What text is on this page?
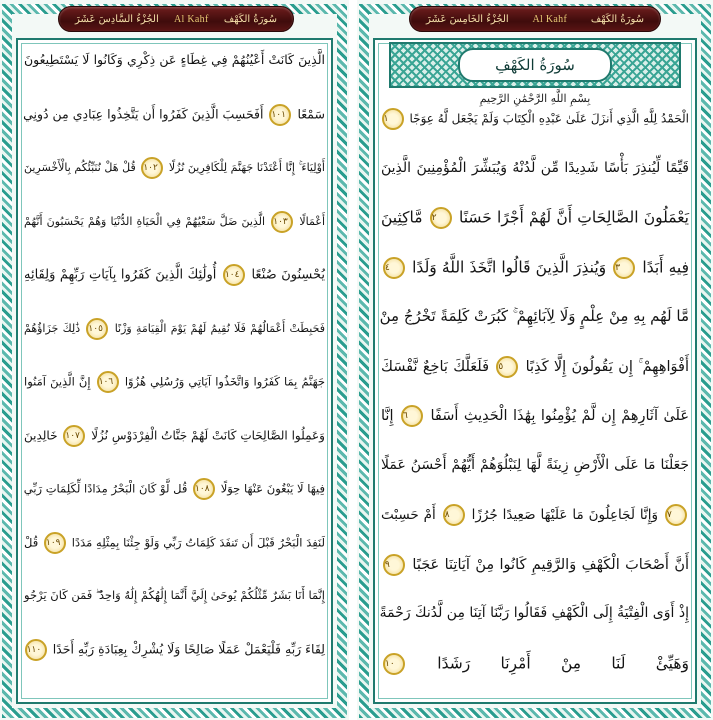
الجُزْءُ السَّادِسَ عَشَرَ Al Kahf سُورَةُ الكَهْف
الَّذِينَ كَانَتْ أَعْيُنُهُمْ فِي غِطَاءٍ عَن ذِكْرِي وَكَانُوا لَا يَسْتَطِيعُونَ
سَمْعًا ١٠١ أَفَحَسِبَ الَّذِينَ كَفَرُوا أَن يَتَّخِذُوا عِبَادِي مِن دُونِي
أَوْلِيَاءَ ۚ إِنَّا أَعْتَدْنَا جَهَنَّمَ لِلْكَافِرِينَ نُزُلًا ١٠٢ قُلْ هَلْ نُنَبِّئُكُم بِالْأَخْسَرِينَ
أَعْمَالًا ١٠٣ الَّذِينَ ضَلَّ سَعْيُهُمْ فِي الْحَيَاةِ الدُّنْيَا وَهُمْ يَحْسَبُونَ أَنَّهُمْ
يُحْسِنُونَ صُنْعًا ١٠٤ أُولَٰئِكَ الَّذِينَ كَفَرُوا بِآيَاتِ رَبِّهِمْ وَلِقَائِهِ
فَحَبِطَتْ أَعْمَالُهُمْ فَلَا نُقِيمُ لَهُمْ يَوْمَ الْقِيَامَةِ وَزْنًا ١٠٥ ذَٰلِكَ جَزَاؤُهُمْ
جَهَنَّمُ بِمَا كَفَرُوا وَاتَّخَذُوا آيَاتِي وَرُسُلِي هُزُوًا ١٠٦ إِنَّ الَّذِينَ آمَنُوا
وَعَمِلُوا الصَّالِحَاتِ كَانَتْ لَهُمْ جَنَّاتُ الْفِرْدَوْسِ نُزُلًا ١٠٧ خَالِدِينَ
فِيهَا لَا يَبْغُونَ عَنْهَا حِوَلًا ١٠٨ قُل لَّوْ كَانَ الْبَحْرُ مِدَادًا لِّكَلِمَاتِ رَبِّي
لَنَفِدَ الْبَحْرُ قَبْلَ أَن تَنفَدَ كَلِمَاتُ رَبِّي وَلَوْ جِئْنَا بِمِثْلِهِ مَدَدًا ١٠٩ قُلْ
إِنَّمَا أَنَا بَشَرٌ مِّثْلُكُمْ يُوحَىٰ إِلَيَّ أَنَّمَا إِلَٰهُكُمْ إِلَٰهٌ وَاحِدٌ ۖ فَمَن كَانَ يَرْجُو
لِقَاءَ رَبِّهِ فَلْيَعْمَلْ عَمَلًا صَالِحًا وَلَا يُشْرِكْ بِعِبَادَةِ رَبِّهِ أَحَدًا ١١٠
الجُزْءُ الخَامِسَ عَشَرَ Al Kahf سُورَةُ الكَهْف
سُورَةُ الكَهْفِ
بِسْمِ اللَّهِ الرَّحْمَٰنِ الرَّحِيمِ
الْحَمْدُ لِلَّهِ الَّذِي أَنزَلَ عَلَىٰ عَبْدِهِ الْكِتَابَ وَلَمْ يَجْعَل لَّهُ عِوَجًا ١
قَيِّمًا لِّيُنذِرَ بَأْسًا شَدِيدًا مِّن لَّدُنْهُ وَيُبَشِّرَ الْمُؤْمِنِينَ الَّذِينَ
يَعْمَلُونَ الصَّالِحَاتِ أَنَّ لَهُمْ أَجْرًا حَسَنًا ٢ مَّاكِثِينَ
فِيهِ أَبَدًا ٣ وَيُنذِرَ الَّذِينَ قَالُوا اتَّخَذَ اللَّهُ وَلَدًا ٤
مَّا لَهُم بِهِ مِنْ عِلْمٍ وَلَا لِآبَائِهِمْ ۚ كَبُرَتْ كَلِمَةً تَخْرُجُ مِنْ
أَفْوَاهِهِمْ ۚ إِن يَقُولُونَ إِلَّا كَذِبًا ٥ فَلَعَلَّكَ بَاخِعٌ نَّفْسَكَ
عَلَىٰ آثَارِهِمْ إِن لَّمْ يُؤْمِنُوا بِهَٰذَا الْحَدِيثِ أَسَفًا ٦ إِنَّا
جَعَلْنَا مَا عَلَى الْأَرْضِ زِينَةً لَّهَا لِنَبْلُوَهُمْ أَيُّهُمْ أَحْسَنُ عَمَلًا
٧ وَإِنَّا لَجَاعِلُونَ مَا عَلَيْهَا صَعِيدًا جُرُزًا ٨ أَمْ حَسِبْتَ
أَنَّ أَصْحَابَ الْكَهْفِ وَالرَّقِيمِ كَانُوا مِنْ آيَاتِنَا عَجَبًا ٩
إِذْ أَوَى الْفِتْيَةُ إِلَى الْكَهْفِ فَقَالُوا رَبَّنَا آتِنَا مِن لَّدُنكَ رَحْمَةً
وَهَيِّئْ لَنَا مِنْ أَمْرِنَا رَشَدًا ١٠
